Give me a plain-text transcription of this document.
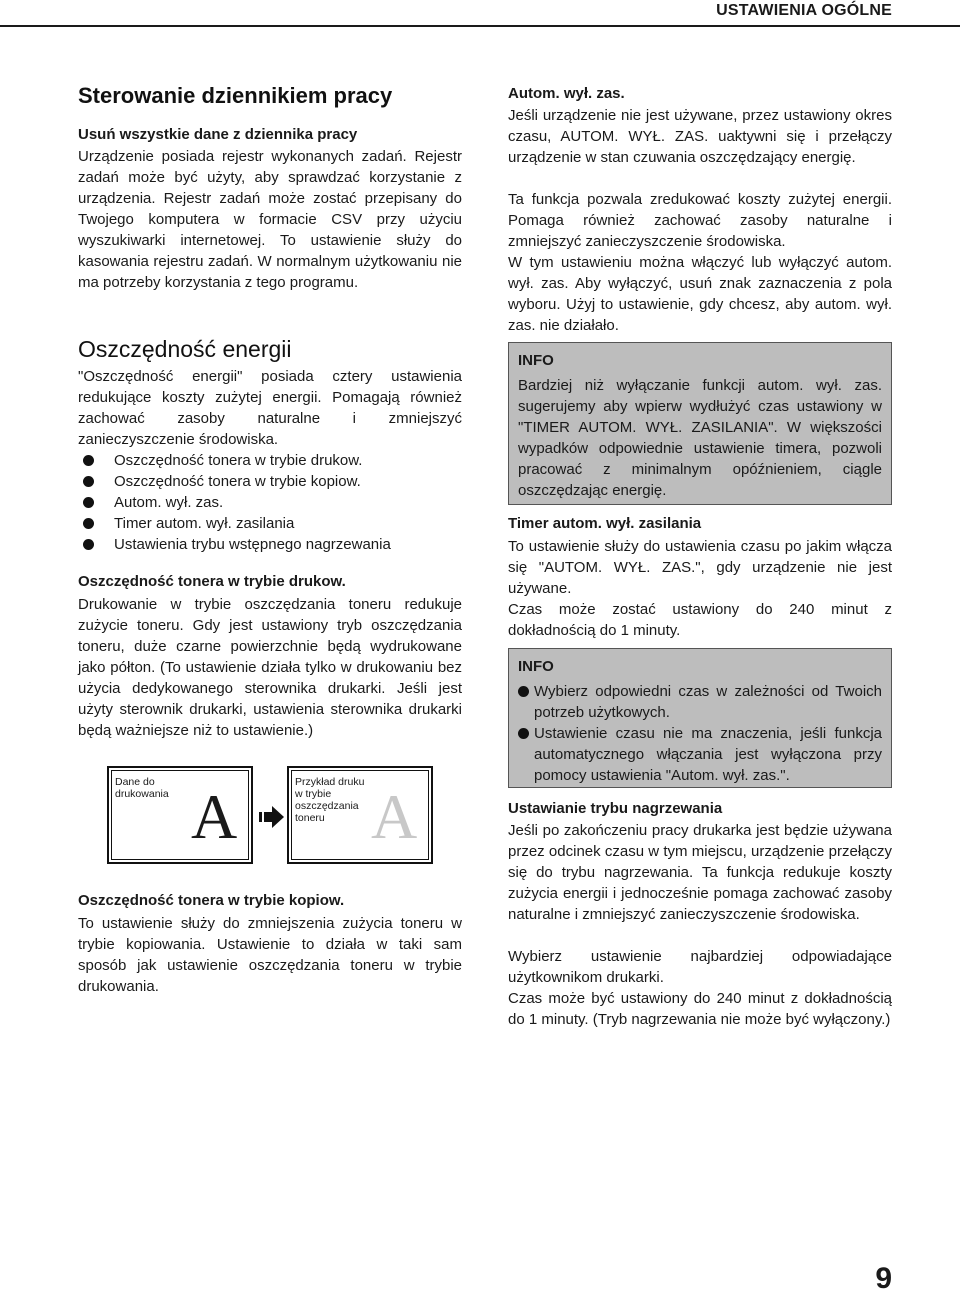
USTAWIENIA OGÓLNE
Sterowanie dziennikiem pracy
Usuń wszystkie dane z dziennika pracy
Urządzenie posiada rejestr wykonanych zadań. Rejestr zadań może być użyty, aby sprawdzać korzystanie z urządzenia. Rejestr zadań może zostać przepisany do Twojego komputera w formacie CSV przy użyciu wyszukiwarki internetowej. To ustawienie służy do kasowania rejestru zadań. W normalnym użytkowaniu nie ma potrzeby korzystania z tego programu.
Oszczędność energii
"Oszczędność energii" posiada cztery ustawienia redukujące koszty zużytej energii. Pomagają również zachować zasoby naturalne i zmniejszyć zanieczyszczenie środowiska.
Oszczędność tonera w trybie drukow.
Oszczędność tonera w trybie kopiow.
Autom. wył. zas.
Timer autom. wył. zasilania
Ustawienia trybu wstępnego nagrzewania
Oszczędność tonera w trybie drukow.
Drukowanie w trybie oszczędzania toneru redukuje zużycie toneru. Gdy jest ustawiony tryb oszczędzania toneru, duże czarne powierzchnie będą wydrukowane jako półton. (To ustawienie działa tylko w drukowaniu bez użycia dedykowanego sterownika drukarki. Jeśli jest użyty sterownik drukarki, ustawienia sterownika drukarki będą ważniejsze niż to ustawienie.)
Oszczędność tonera w trybie kopiow.
To ustawienie służy do zmniejszenia zużycia toneru w trybie kopiowania. Ustawienie to działa w taki sam sposób jak ustawienie oszczędzania toneru w trybie drukowania.
Dane do
drukowania A	Przykład druku
w trybie
oszczędzania
toneru A
Autom. wył. zas.
Jeśli urządzenie nie jest używane, przez ustawiony okres czasu, AUTOM. WYŁ. ZAS. uaktywni się i przełączy urządzenie w stan czuwania oszczędzający energię.
Ta funkcja pozwala zredukować koszty zużytej energii. Pomaga również zachować zasoby naturalne i zmniejszyć zanieczyszczenie środowiska.
W tym ustawieniu można włączyć lub wyłączyć autom. wył. zas. Aby wyłączyć, usuń znak zaznaczenia z pola wyboru. Użyj to ustawienie, gdy chcesz, aby autom. wył. zas. nie działało.
INFO
Bardziej niż wyłączanie funkcji autom. wył. zas. sugerujemy aby wpierw wydłużyć czas ustawiony w "TIMER AUTOM. WYŁ. ZASILANIA". W większości wypadków odpowiednie ustawienie timera, pozwoli pracować z minimalnym opóźnieniem, ciągle oszczędzając energię.
Timer autom. wył. zasilania
To ustawienie służy do ustawienia czasu po jakim włącza się "AUTOM. WYŁ. ZAS.", gdy urządzenie nie jest używane.
Czas może zostać ustawiony do 240 minut z dokładnością do 1 minuty.
INFO
Wybierz odpowiedni czas w zależności od Twoich potrzeb użytkowych.
Ustawienie czasu nie ma znaczenia, jeśli funkcja automatycznego włączania jest wyłączona przy pomocy ustawienia "Autom. wył. zas.".
Ustawianie trybu nagrzewania
Jeśli po zakończeniu pracy drukarka jest będzie używana przez odcinek czasu w tym miejscu, urządzenie przełączy się do trybu nagrzewania. Ta funkcja redukuje koszty zużycia energii i jednocześnie pomaga zachować zasoby naturalne i zmniejszyć zanieczyszczenie środowiska.
Wybierz ustawienie najbardziej odpowiadające użytkownikom drukarki.
Czas może być ustawiony do 240 minut z dokładnością do 1 minuty. (Tryb nagrzewania nie może być wyłączony.)
9
